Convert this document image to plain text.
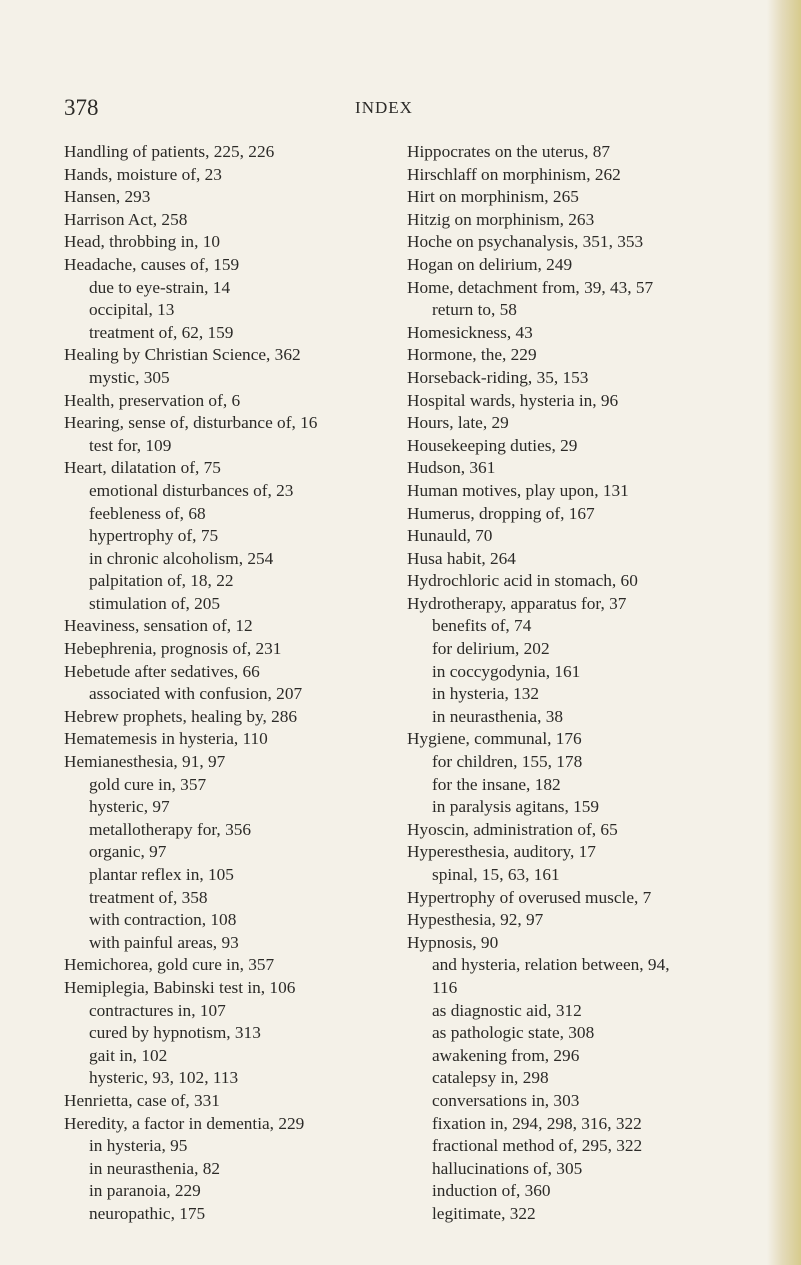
378	INDEX
Handling of patients, 225, 226
Hands, moisture of, 23
Hansen, 293
Harrison Act, 258
Head, throbbing in, 10
Headache, causes of, 159
due to eye-strain, 14
occipital, 13
treatment of, 62, 159
Healing by Christian Science, 362
mystic, 305
Health, preservation of, 6
Hearing, sense of, disturbance of, 16
test for, 109
Heart, dilatation of, 75
emotional disturbances of, 23
feebleness of, 68
hypertrophy of, 75
in chronic alcoholism, 254
palpitation of, 18, 22
stimulation of, 205
Heaviness, sensation of, 12
Hebephrenia, prognosis of, 231
Hebetude after sedatives, 66
associated with confusion, 207
Hebrew prophets, healing by, 286
Hematemesis in hysteria, 110
Hemianesthesia, 91, 97
gold cure in, 357
hysteric, 97
metallotherapy for, 356
organic, 97
plantar reflex in, 105
treatment of, 358
with contraction, 108
with painful areas, 93
Hemichorea, gold cure in, 357
Hemiplegia, Babinski test in, 106
contractures in, 107
cured by hypnotism, 313
gait in, 102
hysteric, 93, 102, 113
Henrietta, case of, 331
Heredity, a factor in dementia, 229
in hysteria, 95
in neurasthenia, 82
in paranoia, 229
neuropathic, 175
Hippocrates on the uterus, 87
Hirschlaff on morphinism, 262
Hirt on morphinism, 265
Hitzig on morphinism, 263
Hoche on psychanalysis, 351, 353
Hogan on delirium, 249
Home, detachment from, 39, 43, 57
return to, 58
Homesickness, 43
Hormone, the, 229
Horseback-riding, 35, 153
Hospital wards, hysteria in, 96
Hours, late, 29
Housekeeping duties, 29
Hudson, 361
Human motives, play upon, 131
Humerus, dropping of, 167
Hunauld, 70
Husa habit, 264
Hydrochloric acid in stomach, 60
Hydrotherapy, apparatus for, 37
benefits of, 74
for delirium, 202
in coccygodynia, 161
in hysteria, 132
in neurasthenia, 38
Hygiene, communal, 176
for children, 155, 178
for the insane, 182
in paralysis agitans, 159
Hyoscin, administration of, 65
Hyperesthesia, auditory, 17
spinal, 15, 63, 161
Hypertrophy of overused muscle, 7
Hypesthesia, 92, 97
Hypnosis, 90
and hysteria, relation between, 94,
116
as diagnostic aid, 312
as pathologic state, 308
awakening from, 296
catalepsy in, 298
conversations in, 303
fixation in, 294, 298, 316, 322
fractional method of, 295, 322
hallucinations of, 305
induction of, 360
legitimate, 322
